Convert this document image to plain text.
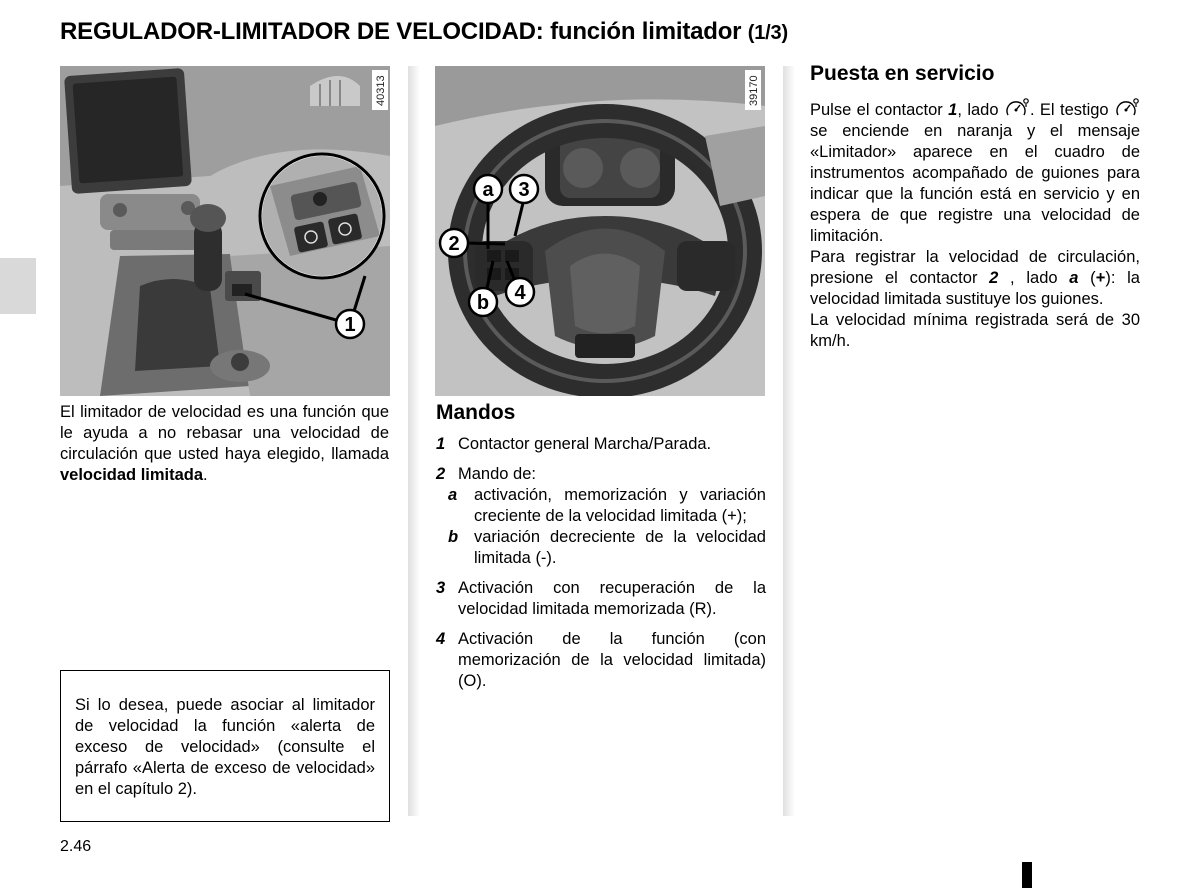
REGULADOR-LIMITADOR DE VELOCIDAD: función limitador (1/3)
1
40313

El limitador de velocidad es una función que le ayuda a no rebasar una velocidad de circulación que usted haya elegido, llamada velocidad limitada.

Si lo desea, puede asociar al limitador de velocidad la función «alerta de exceso de velocidad» (consulte el párrafo «Alerta de exceso de velocidad» en el capítulo 2).

a 3
2
b 4
39170
Mandos
1 Contactor general Marcha/Parada.
2 Mando de:
a activación, memorización y variación creciente de la velocidad limitada (+);
b variación decreciente de la velocidad limitada (-).
3 Activación con recuperación de la velocidad limitada memorizada (R).
4 Activación de la función (con memorización de la velocidad limitada) (O).
Puesta en servicio
Pulse el contactor 1, lado . El testigo  se enciende en naranja y el mensaje «Limitador» aparece en el cuadro de instrumentos acompañado de guiones para indicar que la función está en servicio y en espera de que registre una velocidad de limitación.
Para registrar la velocidad de circulación, presione el contactor 2 , lado a (+): la velocidad limitada sustituye los guiones.
La velocidad mínima registrada será de 30 km/h.

2.46
